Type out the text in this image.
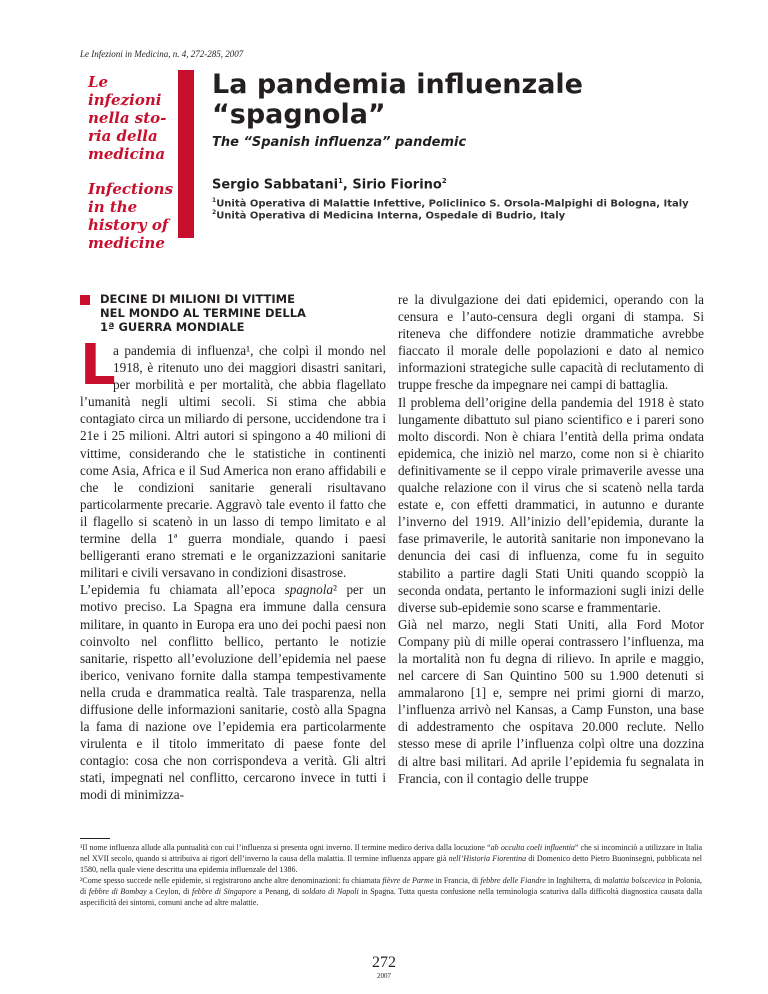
Le Infezioni in Medicina, n. 4, 272-285, 2007
Le infezioni nella sto-ria della medicina
Infections in the history of medicine
La pandemia influenzale “spagnola”
The “Spanish influenza” pandemic
Sergio Sabbatani$^1$, Sirio Fiorino$^2$
$^1$Unità Operativa di Malattie Infettive, Policlinico S. Orsola-Malpighi di Bologna, Italy
$^2$Unità Operativa di Medicina Interna, Ospedale di Budrio, Italy
DECINE DI MILIONI DI VITTIME NEL MONDO AL TERMINE DELLA 1ª GUERRA MONDIALE

L
a pandemia di influenza¹, che colpì il mondo nel 1918, è ritenuto uno dei maggiori disastri sanitari, per morbilità e per mortalità, che abbia flagellato l’umanità negli ultimi secoli. Si stima che abbia contagiato circa un miliardo di persone, uccidendone tra i 21e i 25 milioni. Altri autori si spingono a 40 milioni di vittime, considerando che le statistiche in continenti come Asia, Africa e il Sud America non erano affidabili e che le condizioni sanitarie generali risultavano particolarmente precarie. Aggravò tale evento il fatto che il flagello si scatenò in un lasso di tempo limitato e al termine della 1ª guerra mondiale, quando i paesi belligeranti erano stremati e le organizzazioni sanitarie militari e civili versavano in condizioni disastrose.

L’epidemia fu chiamata all’epoca spagnola² per un motivo preciso. La Spagna era immune dalla censura militare, in quanto in Europa era uno dei pochi paesi non coinvolto nel conflitto bellico, pertanto le notizie sanitarie, rispetto all’evoluzione dell’epidemia nel paese iberico, venivano fornite dalla stampa tempestivamente nella cruda e drammatica realtà. Tale trasparenza, nella diffusione delle informazioni sanitarie, costò alla Spagna la fama di nazione ove l’epidemia era particolarmente virulenta e il titolo immeritato di paese fonte del contagio: cosa che non corrispondeva a verità. Gli altri stati, impegnati nel conflitto, cercarono invece in tutti i modi di minimizza-

re la divulgazione dei dati epidemici, operando con la censura e l’auto-censura degli organi di stampa. Si riteneva che diffondere notizie drammatiche avrebbe fiaccato il morale delle popolazioni e dato al nemico informazioni strategiche sulle capacità di reclutamento di truppe fresche da impegnare nei campi di battaglia.

Il problema dell’origine della pandemia del 1918 è stato lungamente dibattuto sul piano scientifico e i pareri sono molto discordi. Non è chiara l’entità della prima ondata epidemica, che iniziò nel marzo, come non si è chiarito definitivamente se il ceppo virale primaverile avesse una qualche relazione con il virus che si scatenò nella tarda estate e, con effetti drammatici, in autunno e durante l’inverno del 1919. All’inizio dell’epidemia, durante la fase primaverile, le autorità sanitarie non imponevano la denuncia dei casi di influenza, come fu in seguito stabilito a partire dagli Stati Uniti quando scoppiò la seconda ondata, pertanto le informazioni sugli inizi delle diverse sub-epidemie sono scarse e frammentarie.

Già nel marzo, negli Stati Uniti, alla Ford Motor Company più di mille operai contrassero l’influenza, ma la mortalità non fu degna di rilievo. In aprile e maggio, nel carcere di San Quintino 500 su 1.900 detenuti si ammalarono [1] e, sempre nei primi giorni di marzo, l’influenza arrivò nel Kansas, a Camp Funston, una base di addestramento che ospitava 20.000 reclute. Nello stesso mese di aprile l’influenza colpì oltre una dozzina di altre basi militari. Ad aprile l’epidemia fu segnalata in Francia, con il contagio delle truppe

¹Il nome influenza allude alla puntualità con cui l’influenza si presenta ogni inverno. Il termine medico deriva dalla locuzione “ab occulta coeli influentia” che si incominciò a utilizzare in Italia nel XVII secolo, quando si attribuiva ai rigori dell’inverno la causa della malattia. Il termine influenza appare già nell’Historia Fiorentina di Domenico detto Pietro Buoninsegni, pubblicata nel 1580, nella quale viene descritta una epidemia influenzale del 1386.

²Come spesso succede nelle epidemie, si registrarono anche altre denominazioni: fu chiamata fièvre de Parme in Francia, di febbre delle Fiandre in Inghilterra, di malattia bolscevica in Polonia, di febbre di Bombay a Ceylon, di febbre di Singapore a Penang, di soldato di Napoli in Spagna. Tutta questa confusione nella terminologia scaturiva dalla difficoltà diagnostica causata dalla aspecificità dei sintomi, comuni anche ad altre malattie.

272
2007
